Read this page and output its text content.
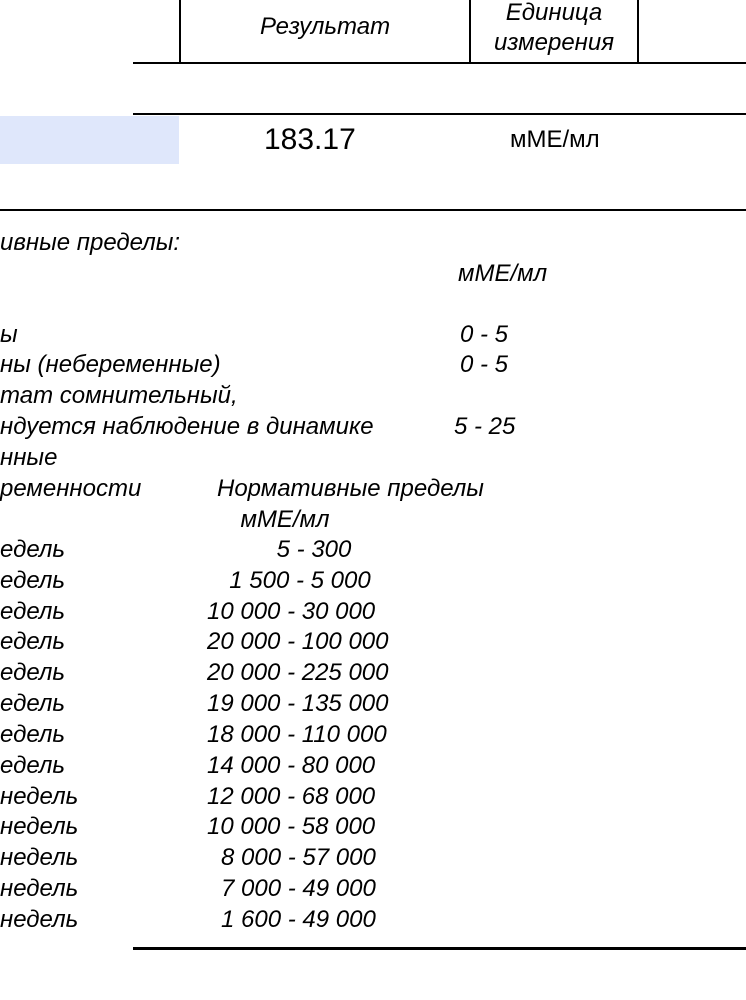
Результат
Единица
измерения
183.17	мМЕ/мл
ивные пределы:
мМЕ/мл
ы	0 - 5
ны (небеременные)	0 - 5
тат сомнительный,
ндуется наблюдение в динамике	5 - 25
нные
ременности	Нормативные пределы
мМЕ/мл
едель	5 - 300
едель	1 500 - 5 000
едель	10 000 - 30 000
едель	20 000 - 100 000
едель	20 000 - 225 000
едель	19 000 - 135 000
едель	18 000 - 110 000
едель	14 000 - 80 000
недель	12 000 - 68 000
недель	10 000 - 58 000
недель	8 000 - 57 000
недель	7 000 - 49 000
недель	1 600 - 49 000
